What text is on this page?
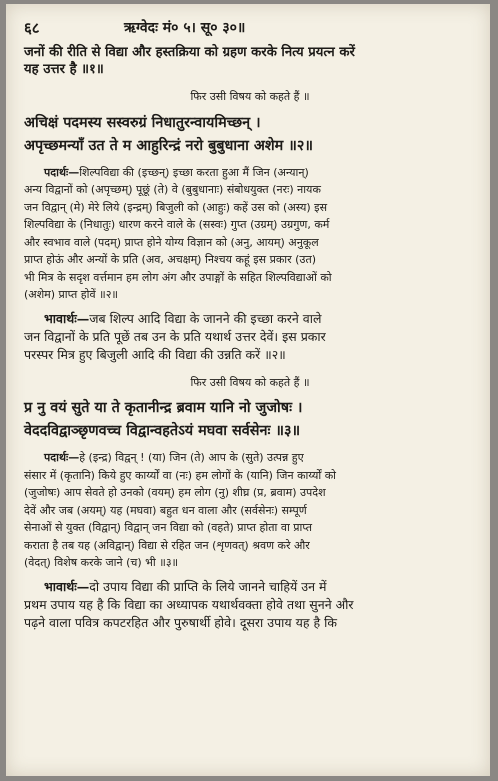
६८	ऋग्वेदः मं० ५। सू० ३०॥
जनों की रीति से विद्या और हस्तक्रिया को ग्रहण करके नित्य प्रयत्न करें
यह उत्तर है ॥१॥
फिर उसी विषय को कहते हैं ॥

अचिक्षं पदमस्य सस्वरुग्रं निधातुरन्वायमिच्छन् ।

अपृच्छमन्याँ उत ते म आहुरिन्द्रं नरो बुबुधाना अशेम ॥२॥

पदार्थः—शिल्पविद्या की (इच्छन्) इच्छा करता हुआ मैं जिन (अन्यान्)
अन्य विद्वानों को (अपृच्छम्) पूछूं (ते) वे (बुबुधानाः) संबोधयुक्त (नरः) नायक
जन विद्वान् (मे) मेरे लिये (इन्द्रम्) बिजुली को (आहुः) कहें उस को (अस्य) इस
शिल्पविद्या के (निधातुः) धारण करने वाले के (सस्वः) गुप्त (उग्रम्) उग्रगुण, कर्म
और स्वभाव वाले (पदम्) प्राप्त होने योग्य विज्ञान को (अनु, आयम्) अनुकूल
प्राप्त होऊं और अन्यों के प्रति (अव, अचक्षम्) निश्चय कहूं इस प्रकार (उत)
भी मित्र के सदृश वर्त्तमान हम लोग अंग और उपाङ्गों के सहित शिल्पविद्याओं को
(अशेम) प्राप्त होवें ॥२॥
भावार्थः—जब शिल्प आदि विद्या के जानने की इच्छा करने वाले
जन विद्वानों के प्रति पूछें तब उन के प्रति यथार्थ उत्तर देवें। इस प्रकार
परस्पर मित्र हुए बिजुली आदि की विद्या की उन्नति करें ॥२॥
फिर उसी विषय को कहते हैं ॥

प्र नु वयं सुते या ते कृतानीन्द्र ब्रवाम यानि नो जुजोषः ।

वेददविद्वाञ्छृणवच्च विद्वान्वहतेऽयं मघवा सर्वसेनः ॥३॥

पदार्थः—हे (इन्द्र) विद्वन् ! (या) जिन (ते) आप के (सुते) उत्पन्न हुए
संसार में (कृतानि) किये हुए कार्य्यों वा (नः) हम लोगों के (यानि) जिन कार्य्यों को
(जुजोषः) आप सेवते हो उनको (वयम्) हम लोग (नु) शीघ्र (प्र, ब्रवाम) उपदेश
देवें और जब (अयम्) यह (मघवा) बहुत धन वाला और (सर्वसेनः) सम्पूर्ण
सेनाओं से युक्त (विद्वान्) विद्वान् जन विद्या को (वहते) प्राप्त होता वा प्राप्त
कराता है तब यह (अविद्वान्) विद्या से रहित जन (शृणवत्) श्रवण करे और
(वेदत्) विशेष करके जाने (च) भी ॥३॥
भावार्थः—दो उपाय विद्या की प्राप्ति के लिये जानने चाहियें उन में
प्रथम उपाय यह है कि विद्या का अध्यापक यथार्थवक्ता होवे तथा सुनने और
पढ़ने वाला पवित्र कपटरहित और पुरुषार्थी होवे। दूसरा उपाय यह है कि
